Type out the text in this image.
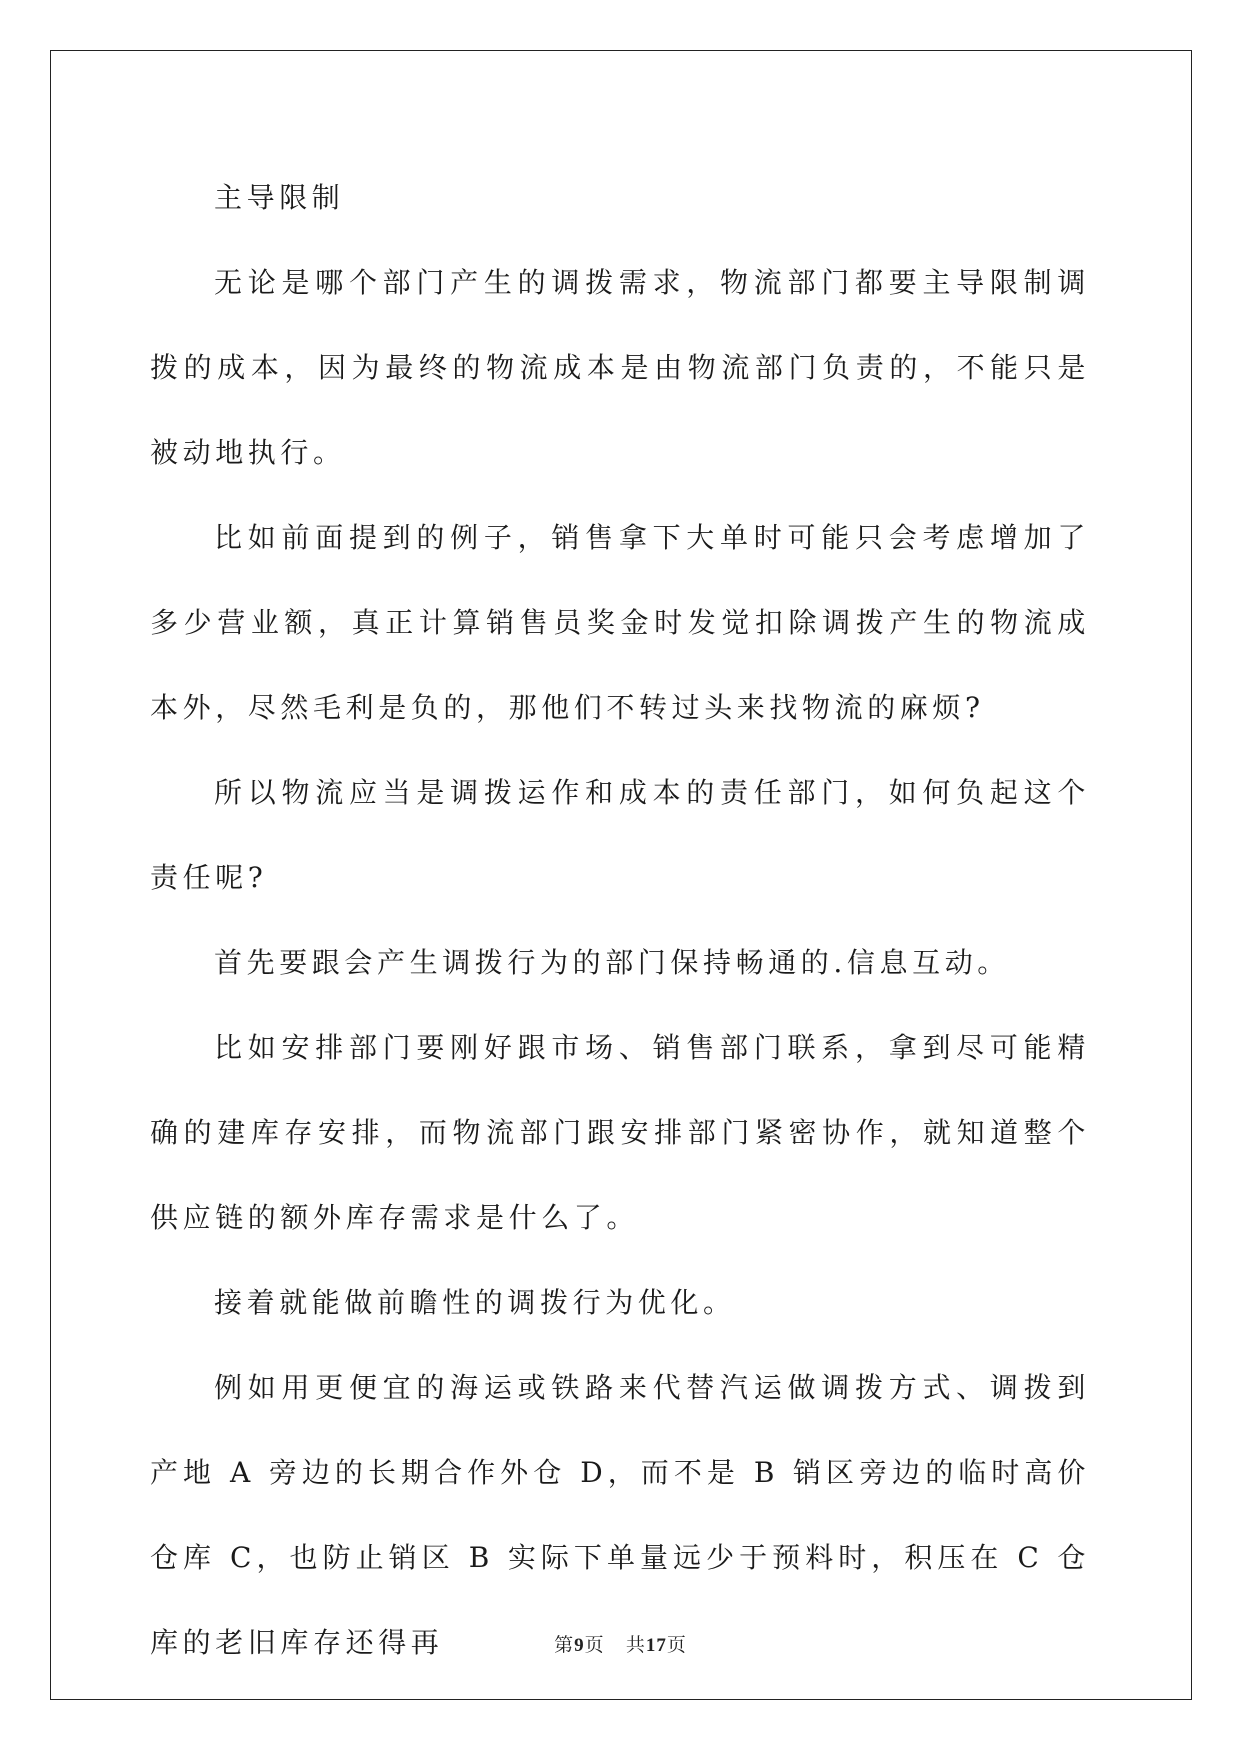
主导限制

无论是哪个部门产生的调拨需求，物流部门都要主导限制调拨的成本，因为最终的物流成本是由物流部门负责的，不能只是被动地执行。

比如前面提到的例子，销售拿下大单时可能只会考虑增加了多少营业额，真正计算销售员奖金时发觉扣除调拨产生的物流成本外，尽然毛利是负的，那他们不转过头来找物流的麻烦?

所以物流应当是调拨运作和成本的责任部门，如何负起这个责任呢?

首先要跟会产生调拨行为的部门保持畅通的.信息互动。

比如安排部门要刚好跟市场、销售部门联系，拿到尽可能精确的建库存安排，而物流部门跟安排部门紧密协作，就知道整个供应链的额外库存需求是什么了。

接着就能做前瞻性的调拨行为优化。

例如用更便宜的海运或铁路来代替汽运做调拨方式、调拨到产地 A 旁边的长期合作外仓 D，而不是 B 销区旁边的临时高价仓库 C，也防止销区 B 实际下单量远少于预料时，积压在 C 仓库的老旧库存还得再	第9页 共17页
